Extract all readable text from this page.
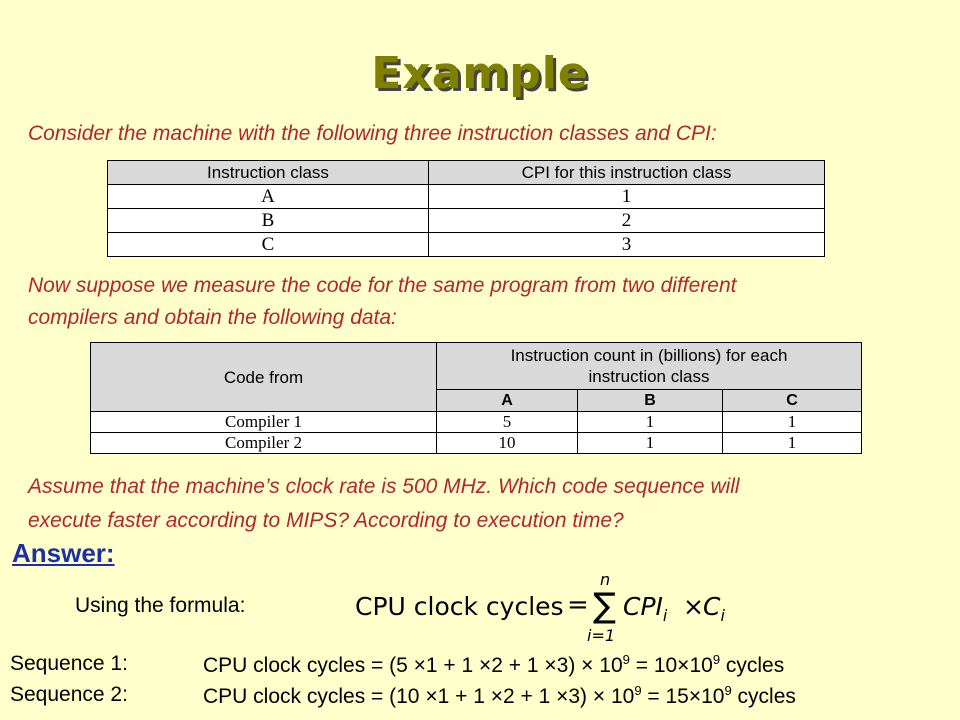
Example
Consider the machine with the following three instruction classes and CPI:
Instruction class	CPI for this instruction class
A	1
B	2
C	3
Now suppose we measure the code for the same program from two different
compilers and obtain the following data:
Code from	Instruction count in (billions) for each
instruction class		

	A	B	C
Compiler 1	5	1	1
Compiler 2	10	1	1
Assume that the machine’s clock rate is 500 MHz. Which code sequence will
execute faster according to MIPS? According to execution time?
Answer:
Using the formula:	CPU clock cycles =
n
∑
i=1
$CPI_i \times C_i$
Sequence 1:	CPU clock cycles = $(5 \times 1 + 1 \times 2 + 1 \times 3) \times 10^9 = 10\times 10^9$ cycles
Sequence 2:	CPU clock cycles = $(10 \times 1 + 1 \times 2 + 1 \times 3) \times 10^9 = 15\times 10^9$ cycles
